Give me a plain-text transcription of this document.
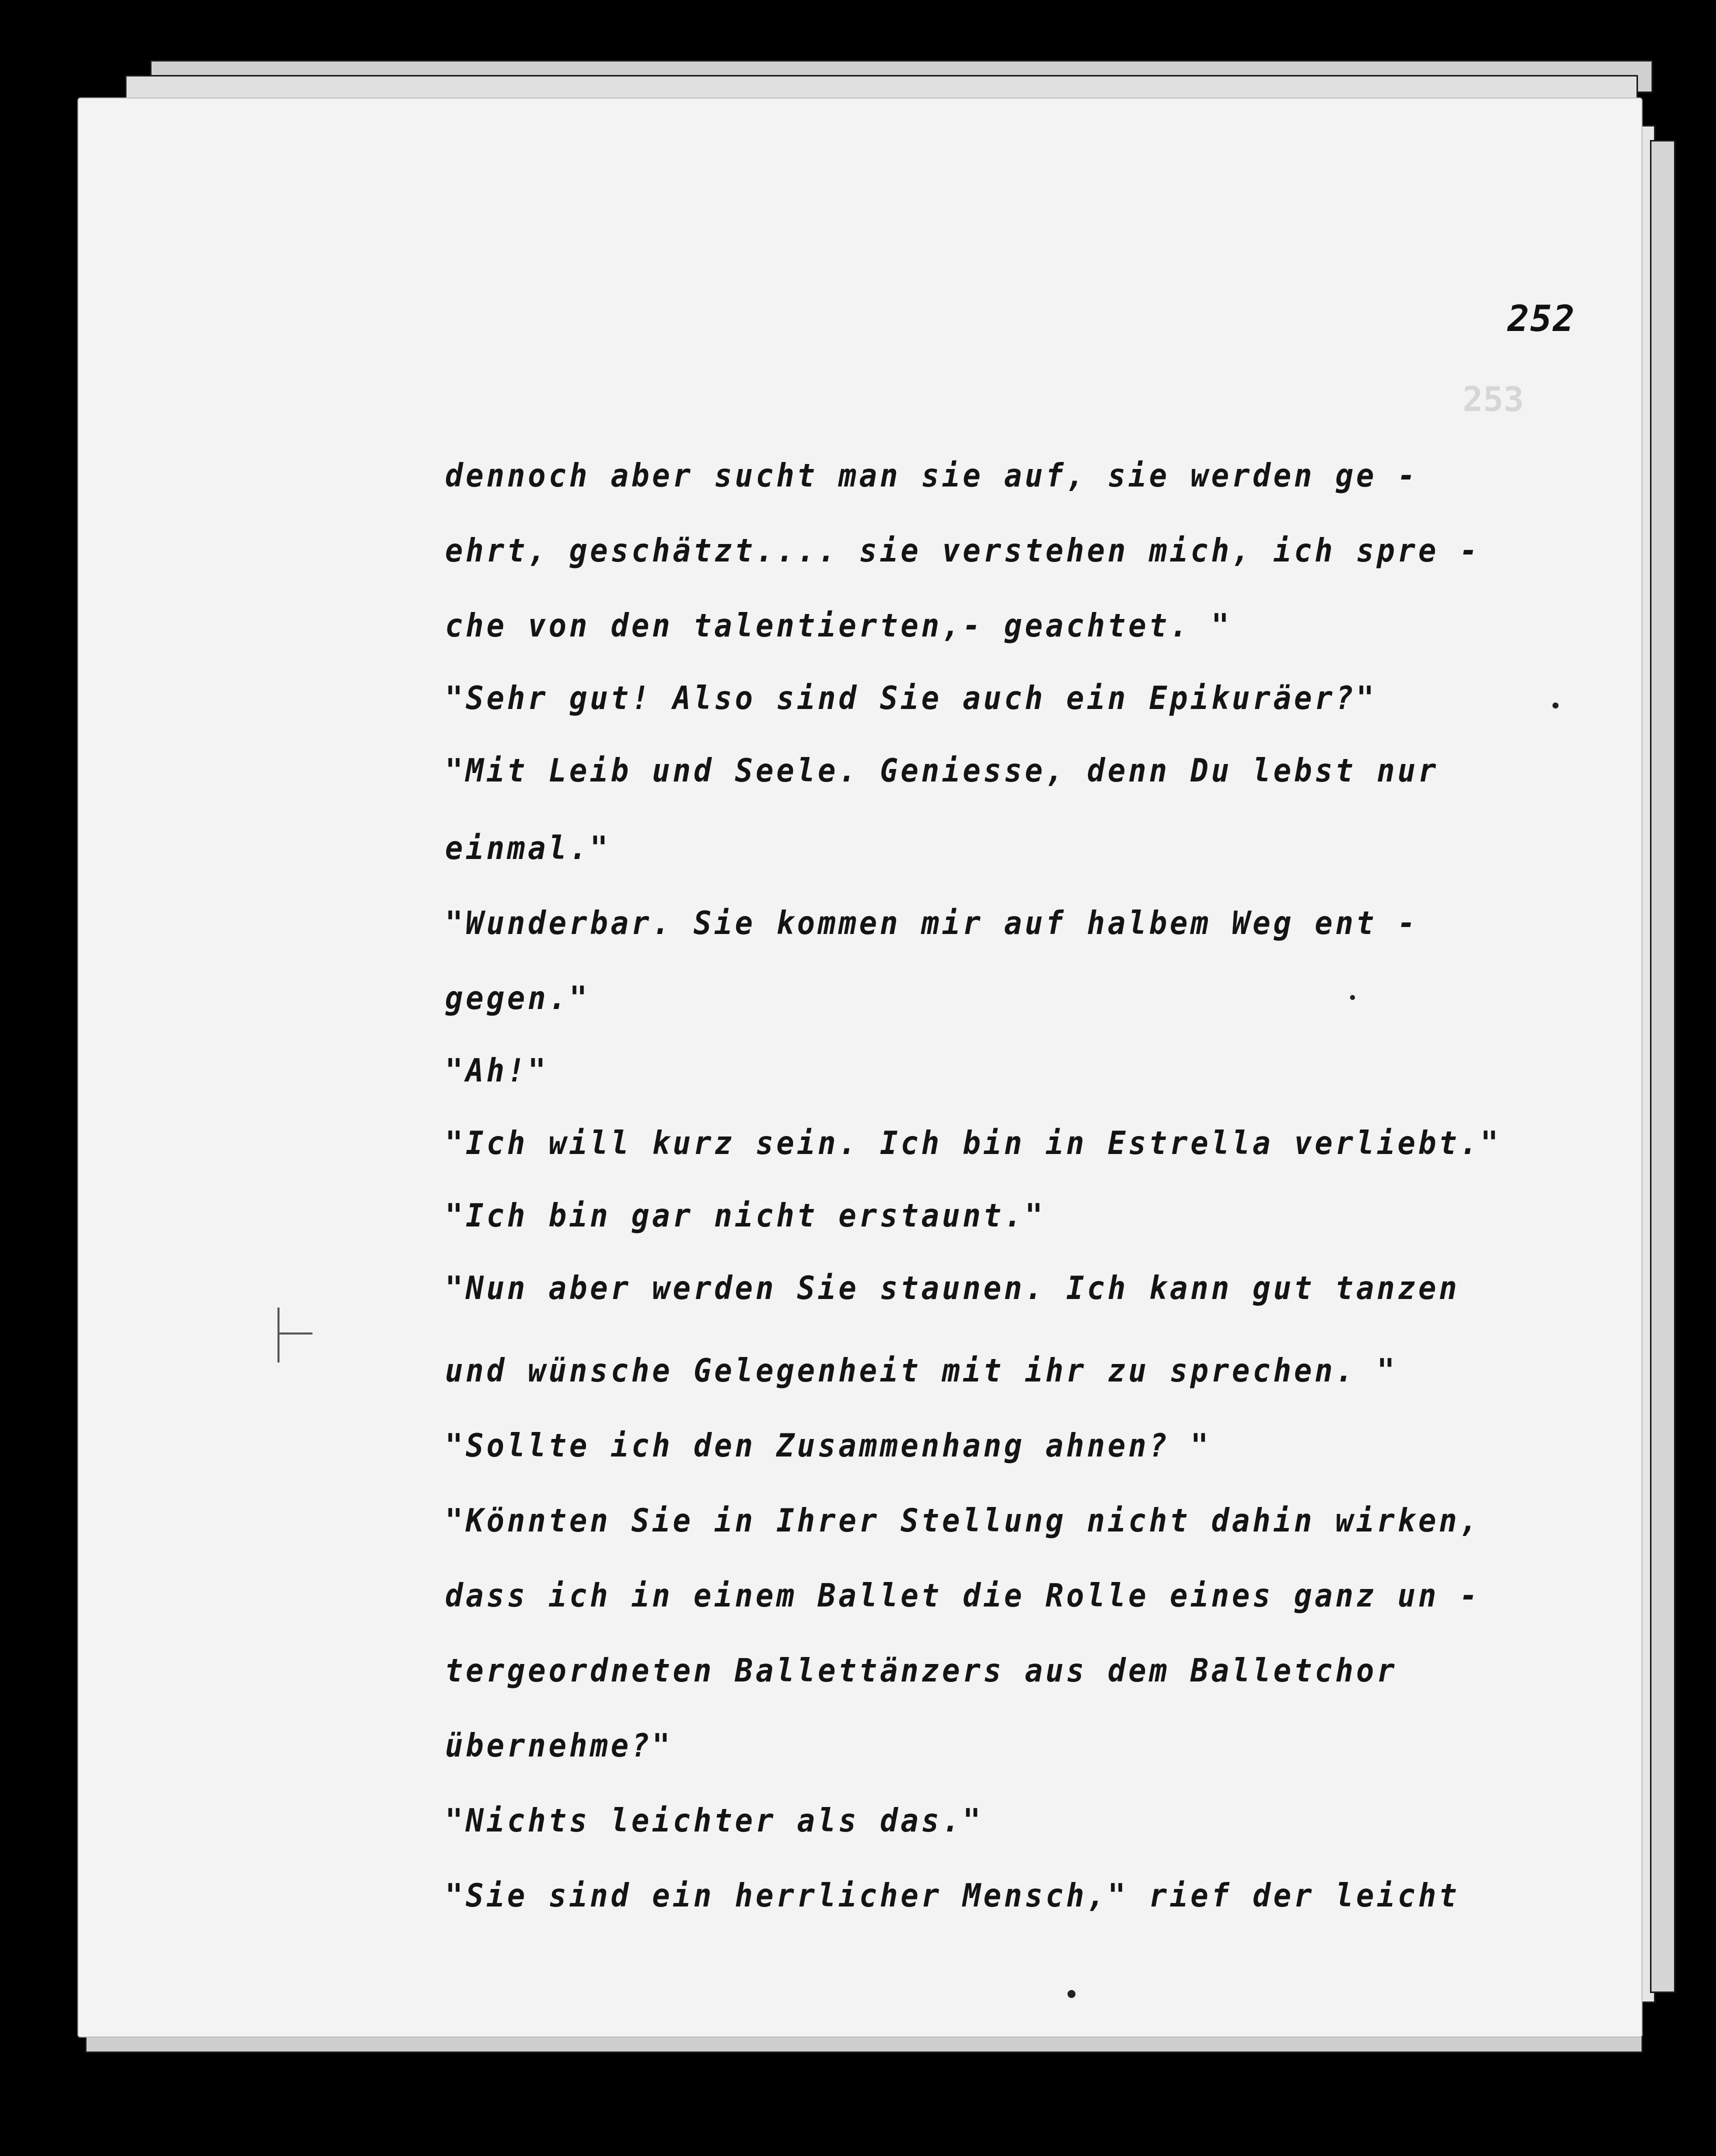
252
253
dennoch aber sucht man sie auf, sie werden ge -
ehrt, geschätzt.... sie verstehen mich, ich spre -
che von den talentierten,- geachtet. "
"Sehr gut! Also sind Sie auch ein Epikuräer?"
"Mit Leib und Seele. Geniesse, denn Du lebst nur
einmal."
"Wunderbar. Sie kommen mir auf halbem Weg ent -
gegen."
"Ah!"
"Ich will kurz sein. Ich bin in Estrella verliebt."
"Ich bin gar nicht erstaunt."
"Nun aber werden Sie staunen. Ich kann gut tanzen
und wünsche Gelegenheit mit ihr zu sprechen. "
"Sollte ich den Zusammenhang ahnen? "
"Könnten Sie in Ihrer Stellung nicht dahin wirken,
dass ich in einem Ballet die Rolle eines ganz un -
tergeordneten Ballettänzers aus dem Balletchor
übernehme?"
"Nichts leichter als das."
"Sie sind ein herrlicher Mensch," rief der leicht
